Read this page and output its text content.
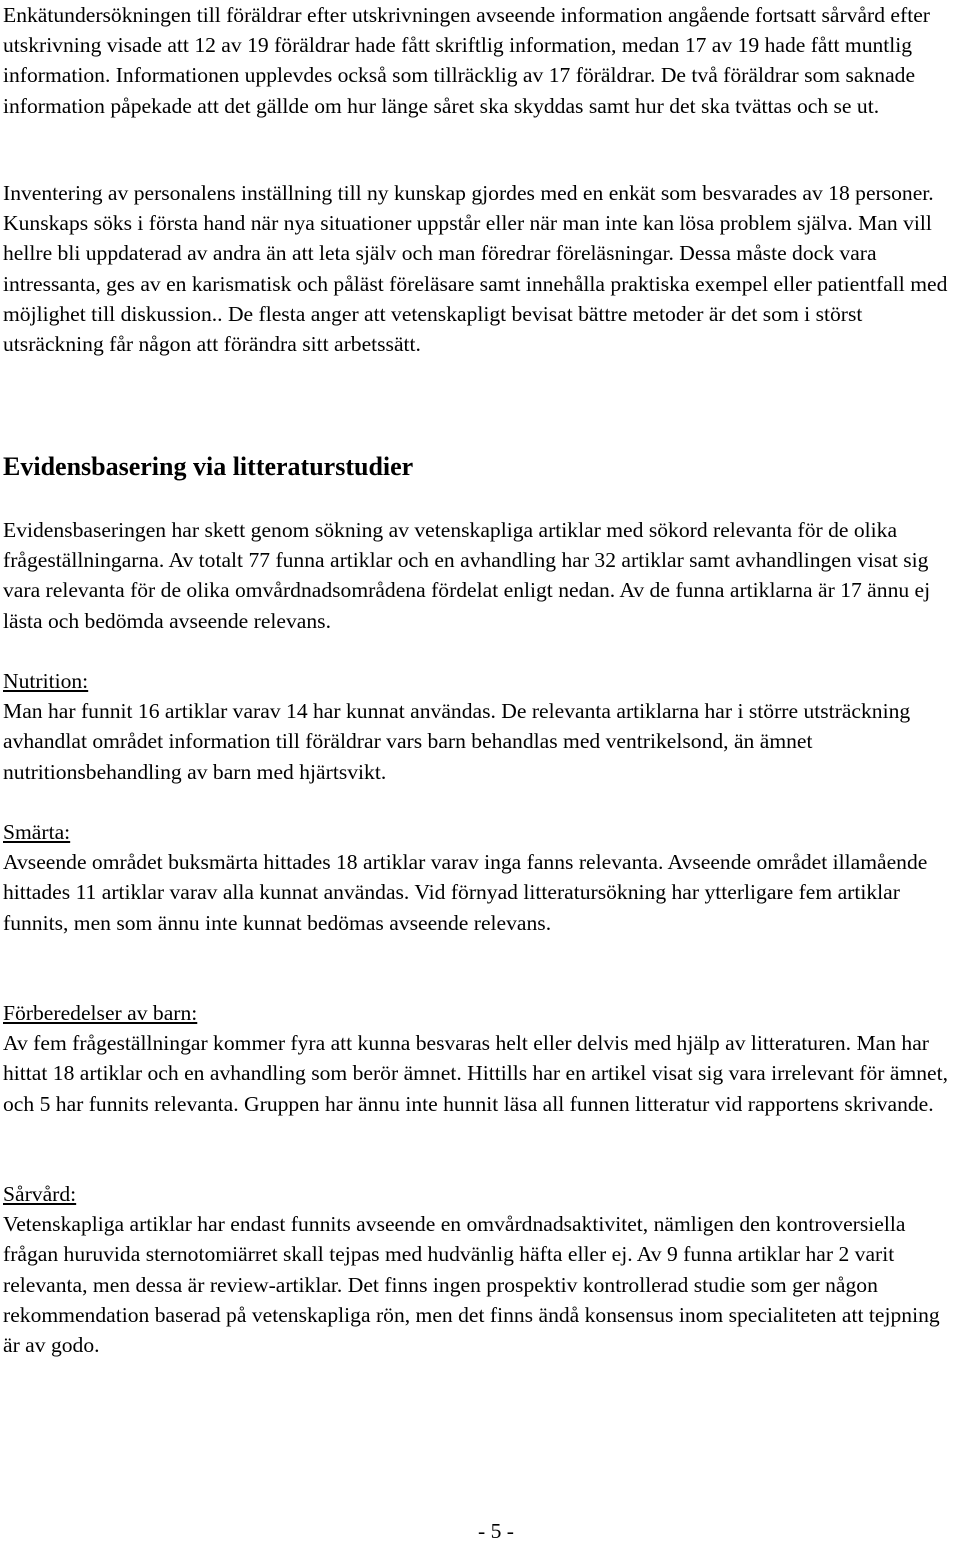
Enkätundersökningen till föräldrar efter utskrivningen avseende information angående fortsatt sårvård efter utskrivning visade att 12 av 19 föräldrar hade fått skriftlig information, medan 17 av 19 hade fått muntlig information. Informationen upplevdes också som tillräcklig av 17 föräldrar. De två föräldrar som saknade information påpekade att det gällde om hur länge såret ska skyddas samt hur det ska tvättas och se ut.

Inventering av personalens inställning till ny kunskap gjordes med en enkät som besvarades av 18 personer. Kunskaps söks i första hand när nya situationer uppstår eller när man inte kan lösa problem själva. Man vill hellre bli uppdaterad av andra än att leta själv och man föredrar föreläsningar. Dessa måste dock vara intressanta, ges av en karismatisk och påläst föreläsare samt innehålla praktiska exempel eller patientfall med möjlighet till diskussion.. De flesta anger att vetenskapligt bevisat bättre metoder är det som i störst utsräckning får någon att förändra sitt arbetssätt.

Evidensbasering via litteraturstudier

Evidensbaseringen har skett genom sökning av vetenskapliga artiklar med sökord relevanta för de olika frågeställningarna. Av totalt 77 funna artiklar och en avhandling har 32 artiklar samt avhandlingen visat sig vara relevanta för de olika omvårdnadsområdena fördelat enligt nedan. Av de funna artiklarna är 17 ännu ej lästa och bedömda avseende relevans.

Nutrition:
Man har funnit 16 artiklar varav 14 har kunnat användas. De relevanta artiklarna har i större utsträckning avhandlat området information till föräldrar vars barn behandlas med ventrikelsond, än ämnet nutritionsbehandling av barn med hjärtsvikt.
Smärta:
Avseende området buksmärta hittades 18 artiklar varav inga fanns relevanta. Avseende området illamående hittades 11 artiklar varav alla kunnat användas. Vid förnyad litteratursökning har ytterligare fem artiklar funnits, men som ännu inte kunnat bedömas avseende relevans.
Förberedelser av barn:
Av fem frågeställningar kommer fyra att kunna besvaras helt eller delvis med hjälp av litteraturen. Man har hittat 18 artiklar och en avhandling som berör ämnet. Hittills har en artikel visat sig vara irrelevant för ämnet, och 5 har funnits relevanta. Gruppen har ännu inte hunnit läsa all funnen litteratur vid rapportens skrivande.
Sårvård:
Vetenskapliga artiklar har endast funnits avseende en omvårdnadsaktivitet, nämligen den kontroversiella frågan huruvida sternotomiärret skall tejpas med hudvänlig häfta eller ej. Av 9 funna artiklar har 2 varit relevanta, men dessa är review-artiklar. Det finns ingen prospektiv kontrollerad studie som ger någon rekommendation baserad på vetenskapliga rön, men det finns ändå konsensus inom specialiteten att tejpning är av godo.
- 5 -
